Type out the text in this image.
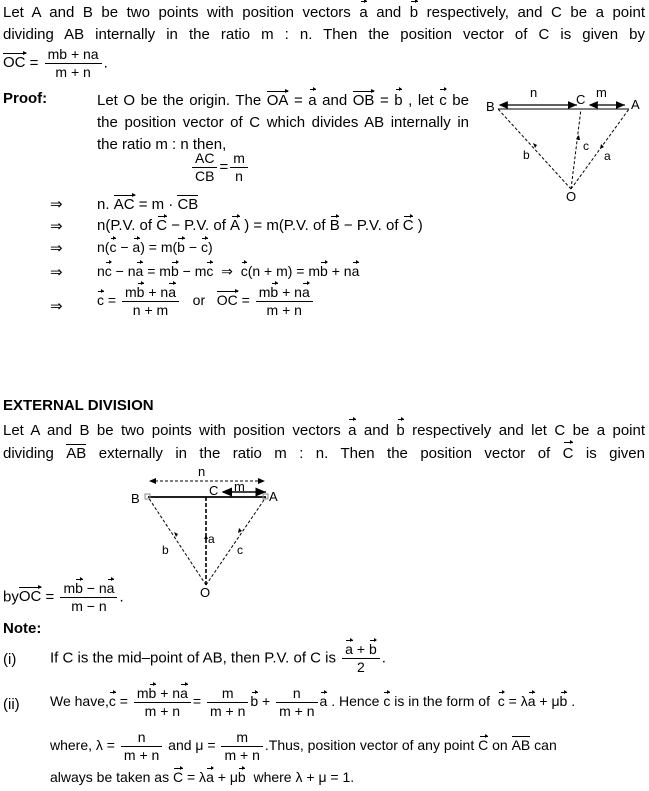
Let A and B be two points with position vectors a and b respectively, and C be a point
dividing AB internally in the ratio m : n. Then the position vector of C is given by
OC = $\frac{mb + na}{m + n}$ .
Proof:	Let O be the origin. The OA = a and OB = b , let c be
the position vector of C which divides AB internally in
the ratio m : n then,
$\frac{AC}{CB} = \frac{m}{n}$
B	C	A
O
n	m
b
c
a
⇒ n. AC = m · CB
⇒ n(P.V. of C − P.V. of A ) = m(P.V. of B − P.V. of C )
⇒ n(c − a) = m(b − c)
⇒ nc − na = mb − mc  ⇒  c(n + m) = mb + na
⇒ $c = \frac{mb + na}{n + m}$ or   OC = $\frac{mb + na}{m + n}$
EXTERNAL DIVISION
Let A and B be two points with position vectors a and b respectively and let C be a point
dividing AB externally in the ratio m : n. Then the position vector of C is given
B
C	A
O
n
m
b
a
c
byOC = $\frac{mb - na}{m - n}$ .
Note:
(i) If C is the mid–point of AB, then P.V. of C is $\frac{a + b}{2}$ .
(ii) We have,c = $\frac{mb + na}{m + n} = \frac{m}{m + n}$ $b + \frac{n}{m + n}$ a . Hence c is in the form of  c = λa + μb .
where, $\lambda = \frac{n}{m + n}$ and $\mu = \frac{m}{m + n}$ .Thus, position vector of any point C on AB can
always be taken as C = λa + μb  where λ + μ = 1.
